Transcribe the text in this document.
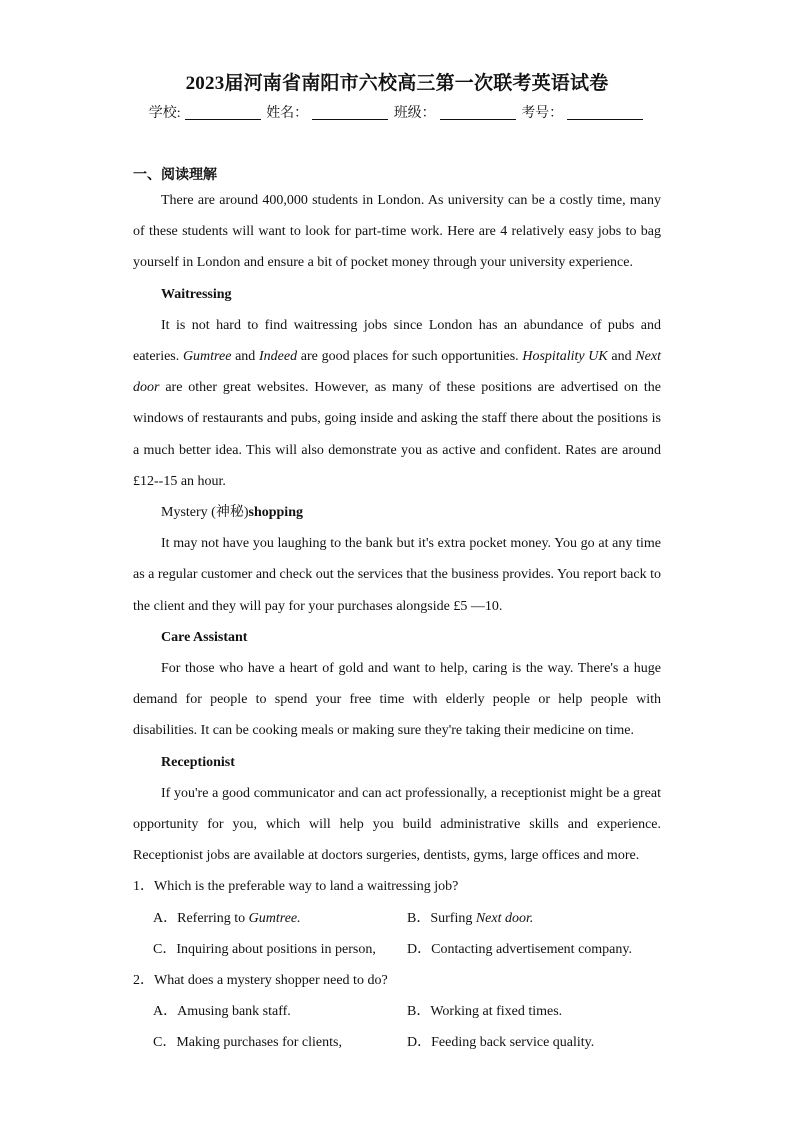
2023届河南省南阳市六校高三第一次联考英语试卷
学校:	姓名：	班级：	考号：
一、阅读理解

There are around 400,000 students in London. As university can be a costly time, many of these students will want to look for part-time work. Here are 4 relatively easy jobs to bag yourself in London and ensure a bit of pocket money through your university experience.

Waitressing

It is not hard to find waitressing jobs since London has an abundance of pubs and eateries. Gumtree and Indeed are good places for such opportunities. Hospitality UK and Next door are other great websites. However, as many of these positions are advertised on the windows of restaurants and pubs, going inside and asking the staff there about the positions is a much better idea. This will also demonstrate you as active and confident. Rates are around £12--15 an hour.

Mystery (神秘)shopping

It may not have you laughing to the bank but it's extra pocket money. You go at any time as a regular customer and check out the services that the business provides. You report back to the client and they will pay for your purchases alongside £5 —10.

Care Assistant

For those who have a heart of gold and want to help, caring is the way. There's a huge demand for people to spend your free time with elderly people or help people with disabilities. It can be cooking meals or making sure they're taking their medicine on time.

Receptionist

If you're a good communicator and can act professionally, a receptionist might be a great opportunity for you, which will help you build administrative skills and experience. Receptionist jobs are available at doctors surgeries, dentists, gyms, large offices and more.

1．Which is the preferable way to land a waitressing job?

A．Referring to Gumtree.	B．Surfing Next door.
C．Inquiring about positions in person,	D．Contacting advertisement company.

2．What does a mystery shopper need to do?

A．Amusing bank staff.	B．Working at fixed times.
C．Making purchases for clients,	D．Feeding back service quality.
